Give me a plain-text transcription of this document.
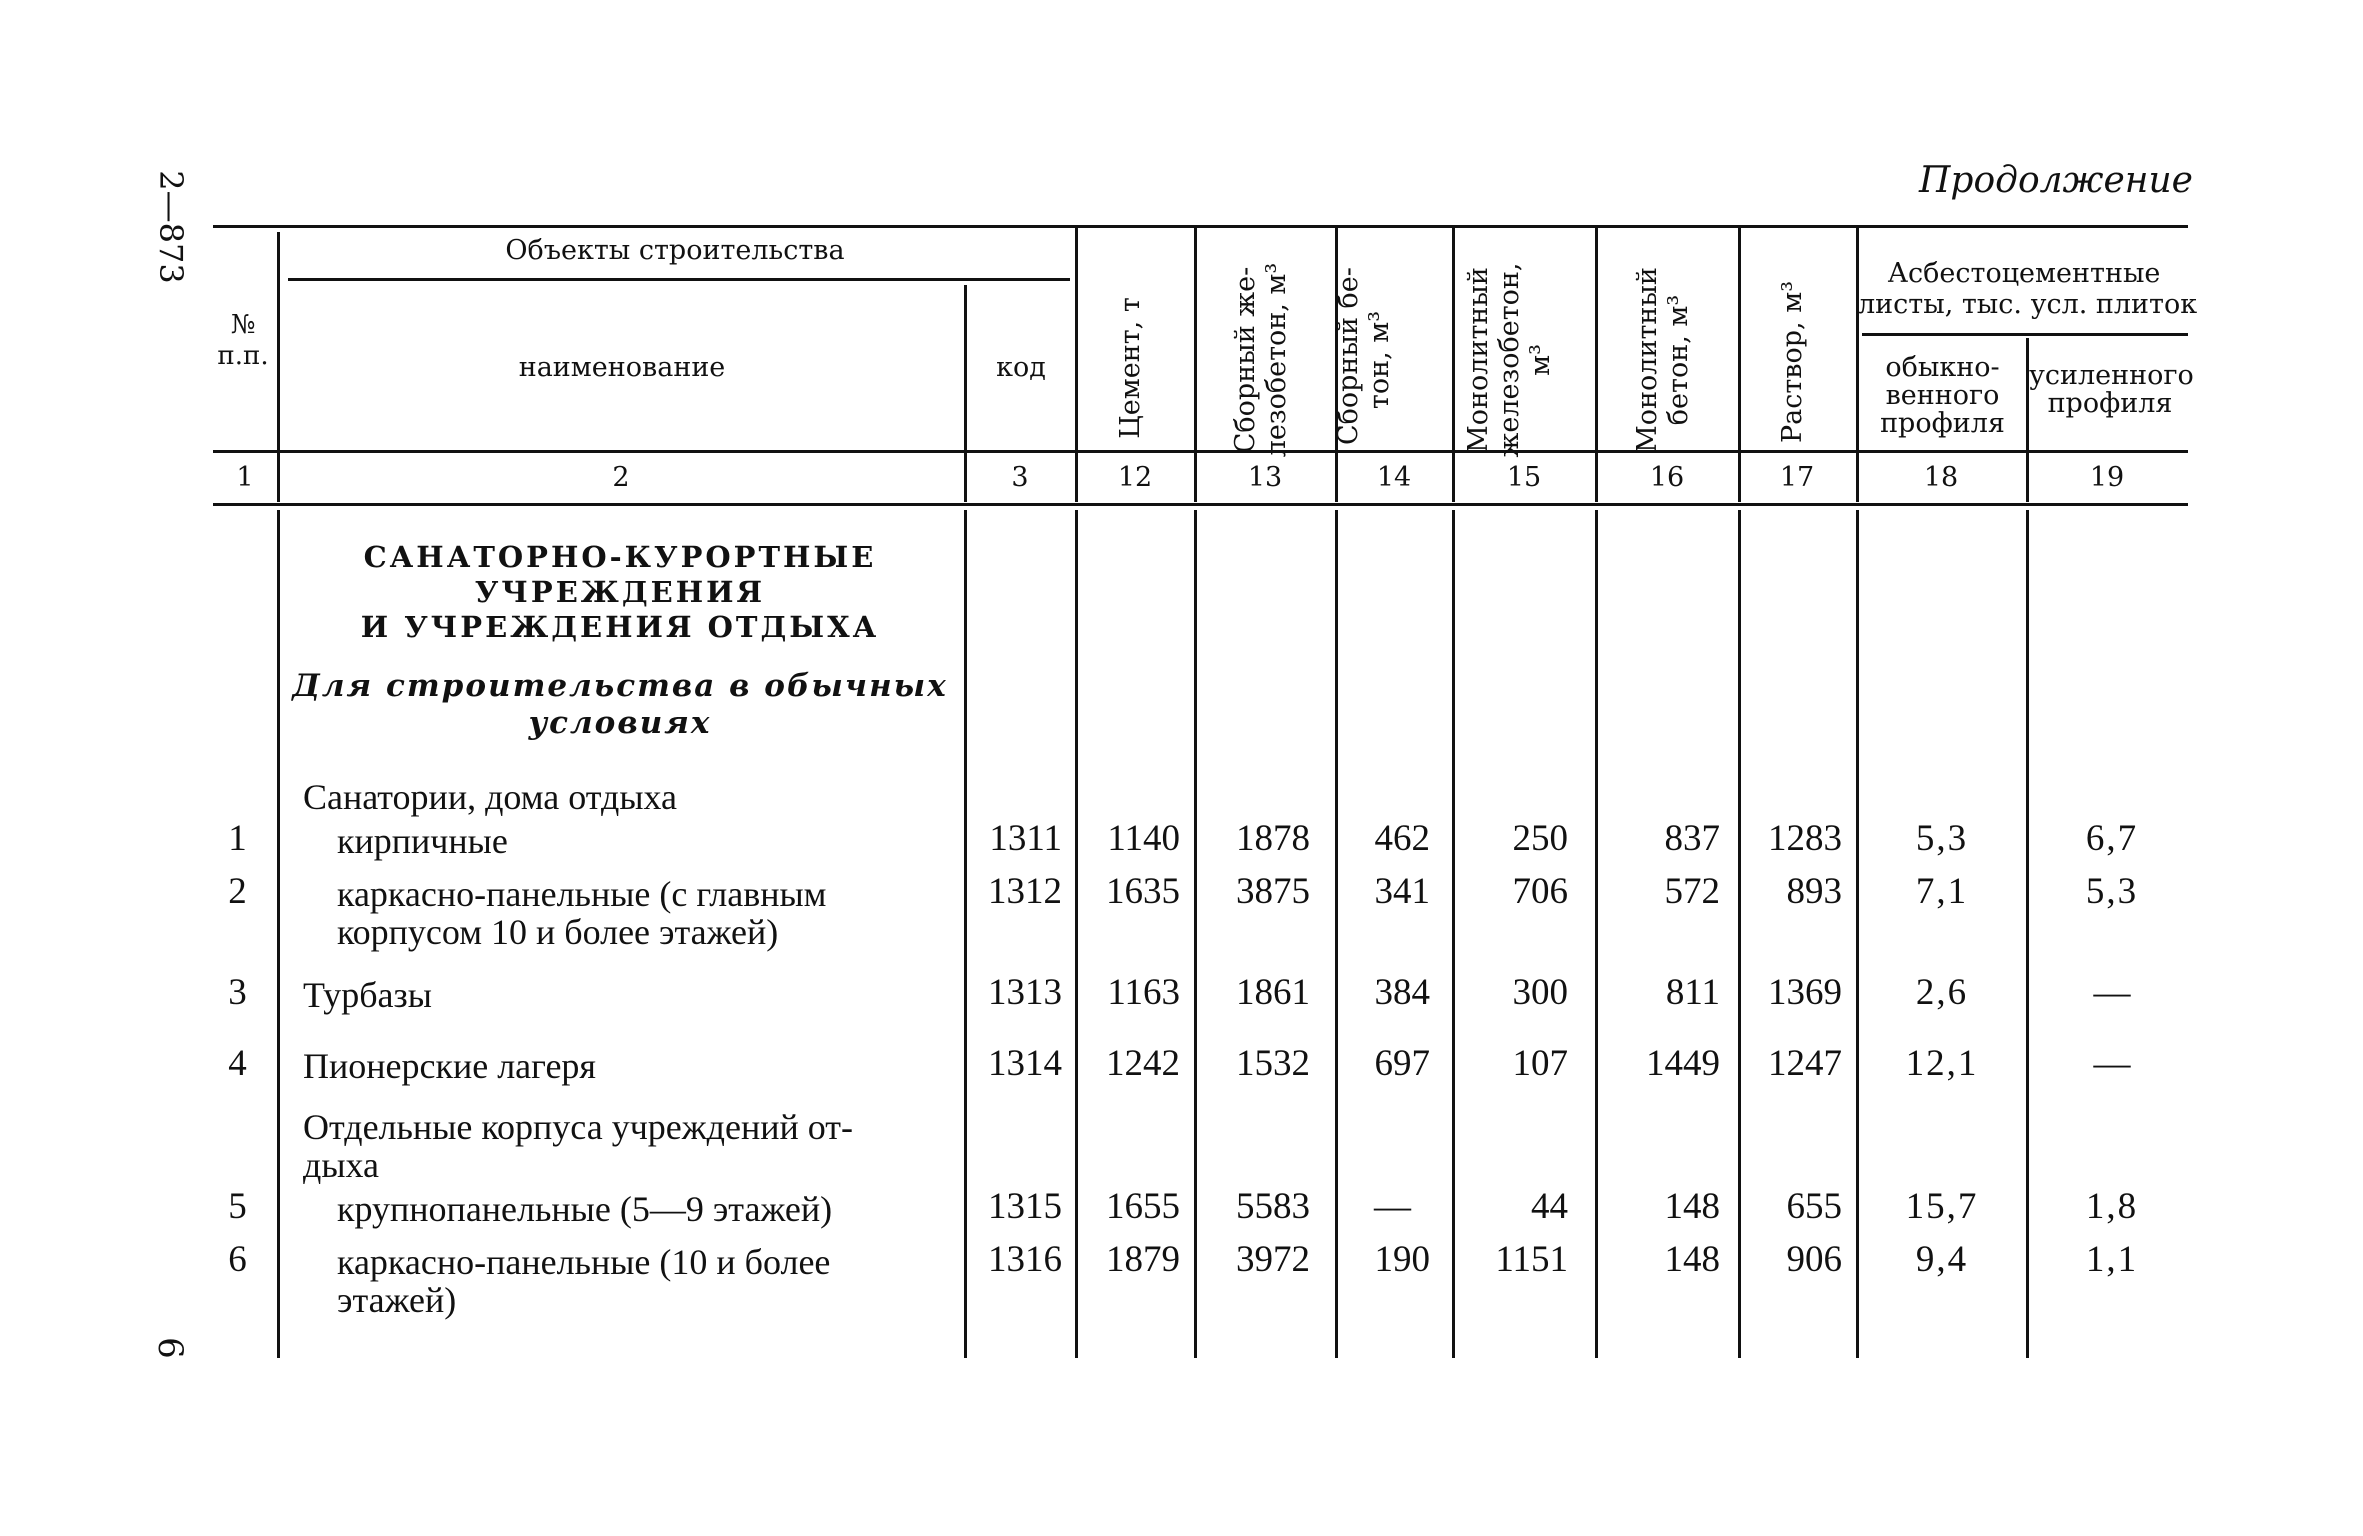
2—873
6
Продолжение
№
п.п.
Объекты строительства
наименование	код	Цемент, т	Сборный же-
лезобетон, м³
Сборный бе-
тон, м³	Монолитный
железобетон,
м³	Монолитный
бетон, м³	Раствор, м³
Асбестоцементные
листы, тыс. усл. плиток
обыкно-
венного
профиля
усиленного
профиля
1	2	3	12	13	14	15	16	17	18	19
САНАТОРНО-КУРОРТНЫЕ
УЧРЕЖДЕНИЯ
И УЧРЕЖДЕНИЯ ОТДЫХА
Для строительства в обычных
условиях
Санатории, дома отдыха
Отдельные корпуса учреждений от-
дыха
1	кирпичные	1311	1140	1878	462	250	837	1283	5,3	6,7
2	каркасно-панельные (с главным
корпусом 10 и более этажей)
1312	1635	3875	341	706	572	893	7,1	5,3
3	Турбазы	1313	1163	1861	384	300	811	1369	2,6	—
4	Пионерские лагеря	1314	1242	1532	697	107	1449	1247	12,1	—
5	крупнопанельные (5—9 этажей)	1315	1655	5583	—	44	148	655	15,7	1,8
6	каркасно-панельные (10 и более
этажей)
1316	1879	3972	190	1151	148	906	9,4	1,1
